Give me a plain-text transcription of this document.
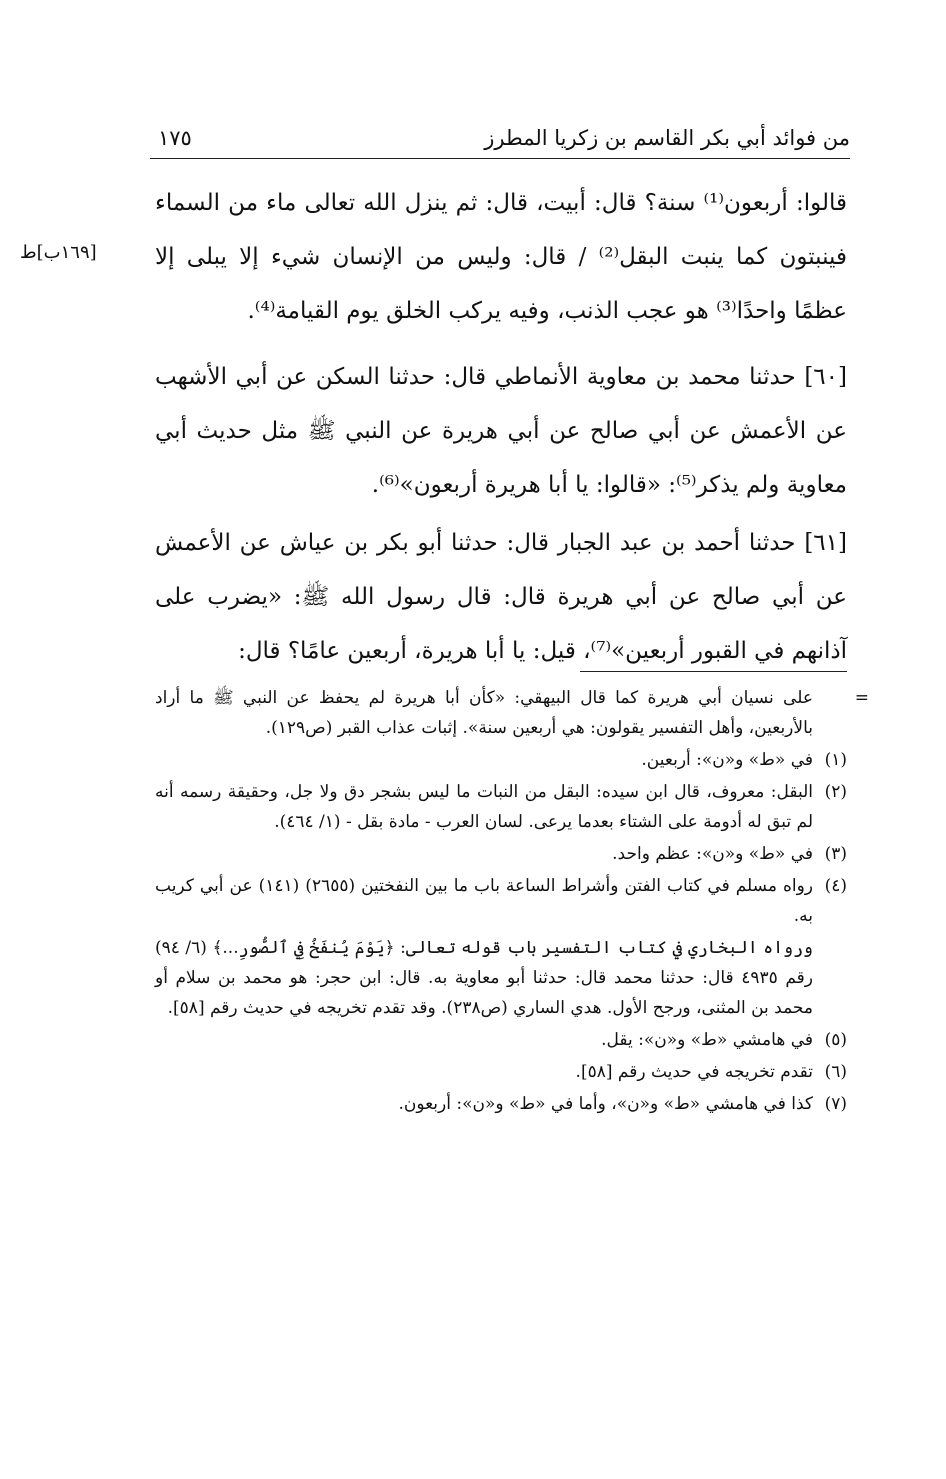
من فوائد أبي بكر القاسم بن زكريا المطرز
١٧٥
[١٦٩ب]ط

قالوا: أربعون⁽¹⁾ سنة؟ قال: أبيت، قال: ثم ينزل الله تعالى ماء من السماء فينبتون كما ينبت البقل⁽²⁾ / قال: وليس من الإنسان شيء إلا يبلى إلا عظمًا واحدًا⁽³⁾ هو عجب الذنب، وفيه يركب الخلق يوم القيامة⁽⁴⁾.

[٦٠] حدثنا محمد بن معاوية الأنماطي قال: حدثنا السكن عن أبي الأشهب عن الأعمش عن أبي صالح عن أبي هريرة عن النبي ﷺ مثل حديث أبي معاوية ولم يذكر⁽⁵⁾: «قالوا: يا أبا هريرة أربعون»⁽⁶⁾.

[٦١] حدثنا أحمد بن عبد الجبار قال: حدثنا أبو بكر بن عياش عن الأعمش عن أبي صالح عن أبي هريرة قال: قال رسول الله ﷺ: «يضرب على آذانهم في القبور أربعين»⁽⁷⁾، قيل: يا أبا هريرة، أربعين عامًا؟ قال:

=
على نسيان أبي هريرة كما قال البيهقي: «كأن أبا هريرة لم يحفظ عن النبي ﷺ ما أراد بالأربعين، وأهل التفسير يقولون: هي أربعين سنة». إثبات عذاب القبر (ص١٢٩).

(١)
في «ط» و«ن»: أربعين.

(٢)
البقل: معروف، قال ابن سيده: البقل من النبات ما ليس بشجر دق ولا جل، وحقيقة رسمه أنه لم تبق له أدومة على الشتاء بعدما يرعى. لسان العرب - مادة بقل - (١/ ٤٦٤).

(٣)
في «ط» و«ن»: عظم واحد.

(٤)
رواه مسلم في كتاب الفتن وأشراط الساعة باب ما بين النفختين (٢٦٥٥) (١٤١) عن أبي كريب به.

ورواه البخاري في كتاب التفسير باب قوله تعالى: ﴿يَوْمَ يُنفَخُ فِي ٱلصُّورِ...﴾ (٦/ ٩٤) رقم ٤٩٣٥ قال: حدثنا محمد قال: حدثنا أبو معاوية به. قال: ابن حجر: هو محمد بن سلام أو محمد بن المثنى، ورجح الأول. هدي الساري (ص٢٣٨). وقد تقدم تخريجه في حديث رقم [٥٨].

(٥)
في هامشي «ط» و«ن»: يقل.

(٦)
تقدم تخريجه في حديث رقم [٥٨].

(٧)
كذا في هامشي «ط» و«ن»، وأما في «ط» و«ن»: أربعون.
